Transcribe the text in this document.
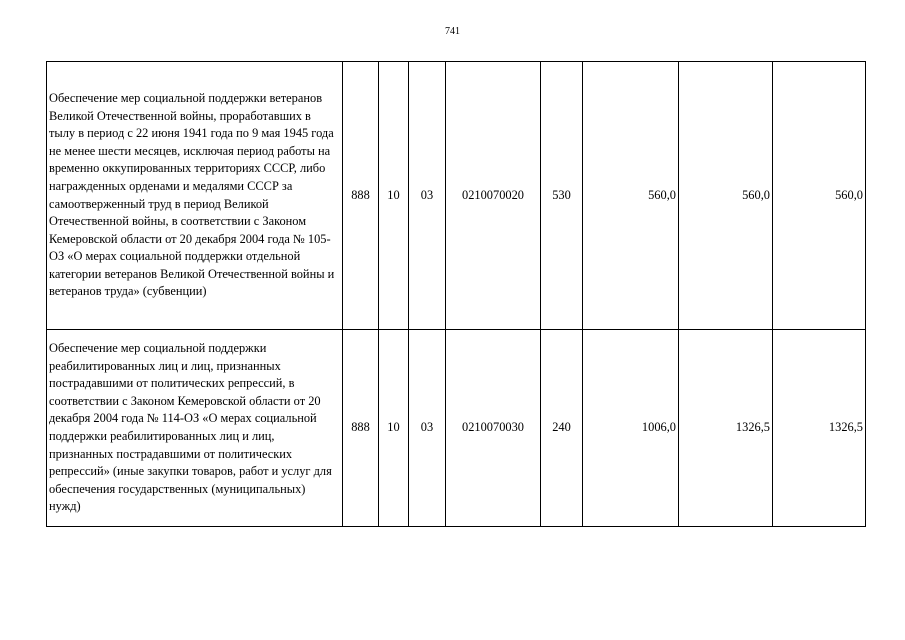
741
Обеспечение мер социальной поддержки ветеранов Великой Отечественной войны, проработавших в тылу в период с 22 июня 1941 года по 9 мая 1945 года не менее шести месяцев, исключая период работы на временно оккупированных территориях СССР, либо награжденных орденами и медалями СССР за самоотверженный труд в период Великой Отечественной войны, в соответствии с Законом Кемеровской области от 20 декабря 2004 года № 105-ОЗ «О мерах социальной поддержки отдельной категории ветеранов Великой Отечественной войны и ветеранов труда» (субвенции)	888	10	03	0210070020	530	560,0	560,0	560,0
Обеспечение мер социальной поддержки реабилитированных лиц и лиц, признанных пострадавшими от политических репрессий, в соответствии с Законом Кемеровской области от 20 декабря 2004 года № 114-ОЗ «О мерах социальной поддержки реабилитированных лиц и лиц, признанных пострадавшими от политических репрессий» (иные закупки товаров, работ и услуг для обеспечения государственных (муниципальных) нужд)	888	10	03	0210070030	240	1006,0	1326,5	1326,5
